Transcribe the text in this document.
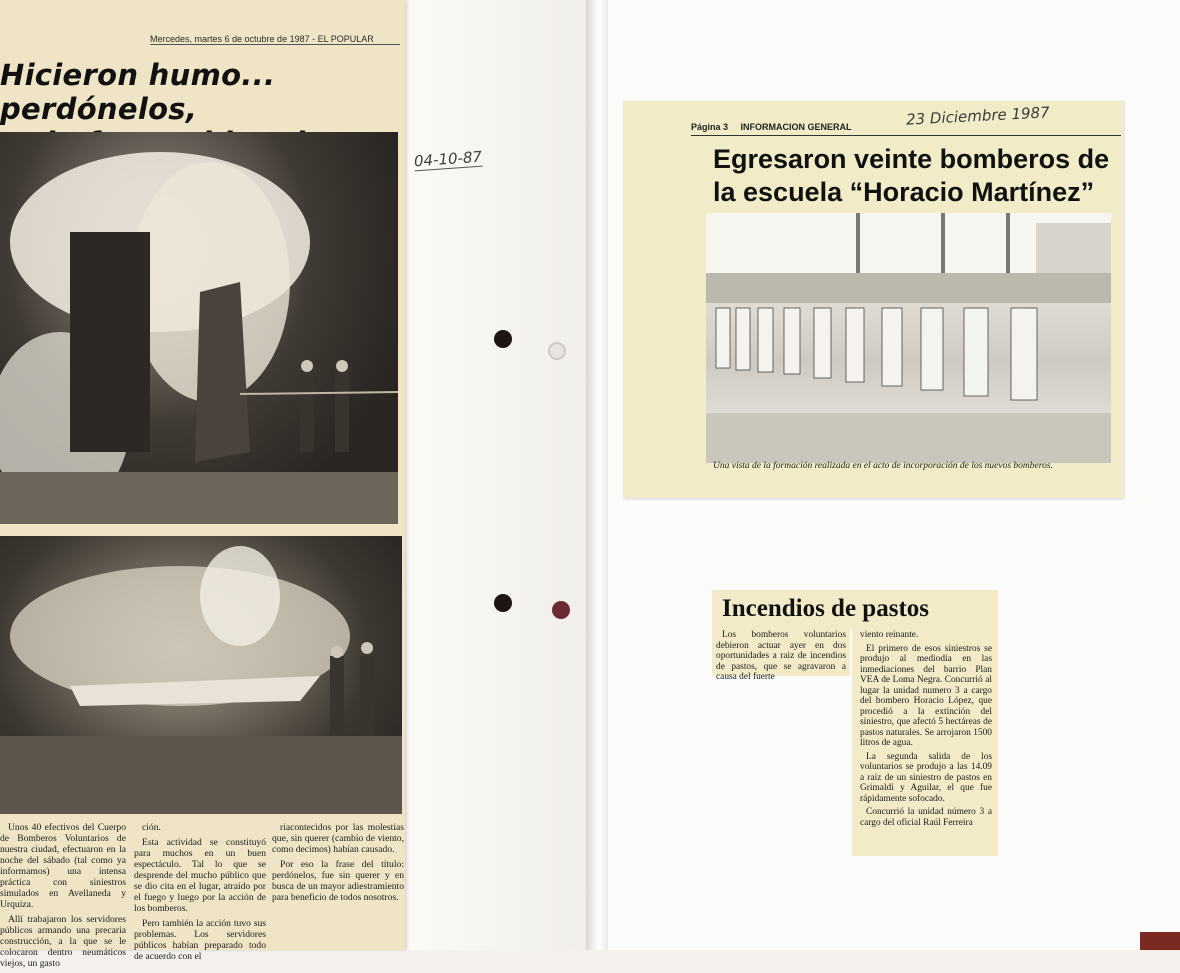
Mercedes, martes 6 de octubre de 1987 - EL POPULAR
Hicieron humo... perdónelos,

Unos 40 efectivos del Cuerpo de Bomberos Voluntarios de nuestra ciudad, efectuaron en la noche del sábado (tal como ya informamos) una intensa práctica con siniestros simulados en Avellaneda y Urquiza.

Allí trabajaron los servidores públicos armando una precaria construcción, a la que se le colocaron dentro neumáticos viejos, un gasto

ción.

Esta actividad se constituyó para muchos en un buen espectáculo. Tal lo que se desprende del mucho público que se dio cita en el lugar, atraído por el fuego y luego por la acción de los bomberos.

Pero también la acción tuvo sus problemas. Los servidores públicos habían preparado todo de acuerdo con el

riacontecidos por las molestias que, sin querer (cambio de viento, como decimos) habían causado.

Por eso la frase del título: perdónelos, fue sin querer y en busca de un mayor adiestramiento para beneficio de todos nosotros.

04-10-87
Página 3 INFORMACION GENERAL
Egresaron veinte bomberos de
la escuela “Horacio Martínez”
Una vista de la formación realizada en el acto de incorporación de los nuevos bomberos.
23 Diciembre 1987
Incendios de pastos

Los bomberos voluntarios debieron actuar ayer en dos oportunidades a raiz de incendios de pastos, que se agravaron a causa del fuerte

viento reinante.

El primero de esos siniestros se produjo al mediodía en las inmediaciones del barrio Plan VEA de Loma Negra. Concurrió al lugar la unidad numero 3 a cargo del bombero Horacio López, que procedió a la extinción del siniestro, que afectó 5 hectáreas de pastos naturales. Se arrojaron 1500 litros de agua.

La segunda salida de los voluntarios se produjo a las 14.09 a raiz de un siniestro de pastos en Grimaldi y Aguilar, el que fue rápidamente sofocado.

Concurrió la unidad número 3 a cargo del oficial Raúl Ferreira
